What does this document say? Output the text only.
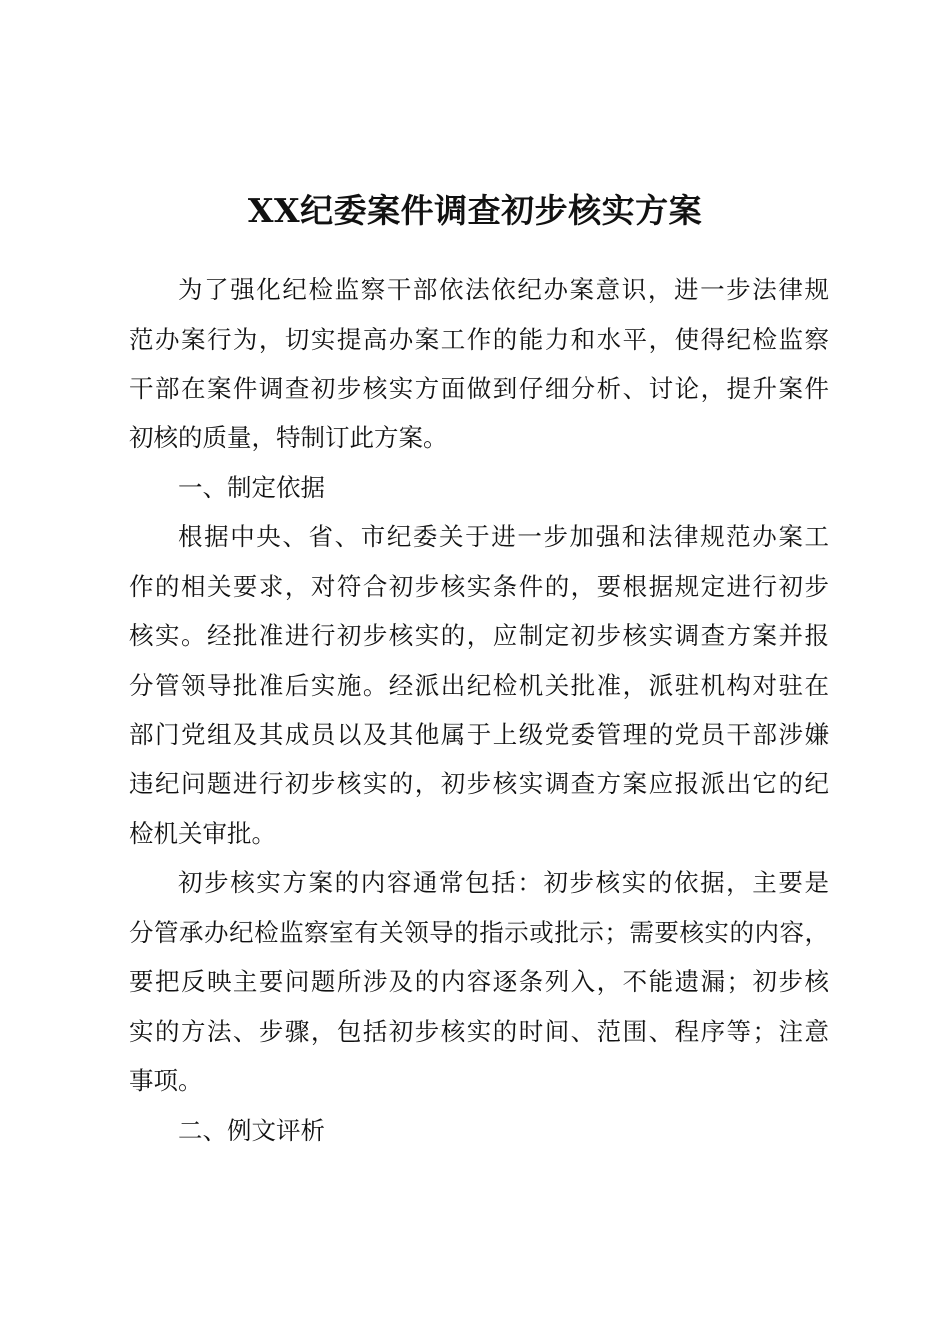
XX纪委案件调查初步核实方案
为了强化纪检监察干部依法依纪办案意识，进一步法律规
范办案行为，切实提高办案工作的能力和水平，使得纪检监察
干部在案件调查初步核实方面做到仔细分析、讨论，提升案件
初核的质量，特制订此方案。
一、制定依据
根据中央、省、市纪委关于进一步加强和法律规范办案工
作的相关要求，对符合初步核实条件的，要根据规定进行初步
核实。经批准进行初步核实的，应制定初步核实调查方案并报
分管领导批准后实施。经派出纪检机关批准，派驻机构对驻在
部门党组及其成员以及其他属于上级党委管理的党员干部涉嫌
违纪问题进行初步核实的，初步核实调查方案应报派出它的纪
检机关审批。
初步核实方案的内容通常包括：初步核实的依据，主要是
分管承办纪检监察室有关领导的指示或批示；需要核实的内容，
要把反映主要问题所涉及的内容逐条列入，不能遗漏；初步核
实的方法、步骤，包括初步核实的时间、范围、程序等；注意
事项。
二、例文评析
